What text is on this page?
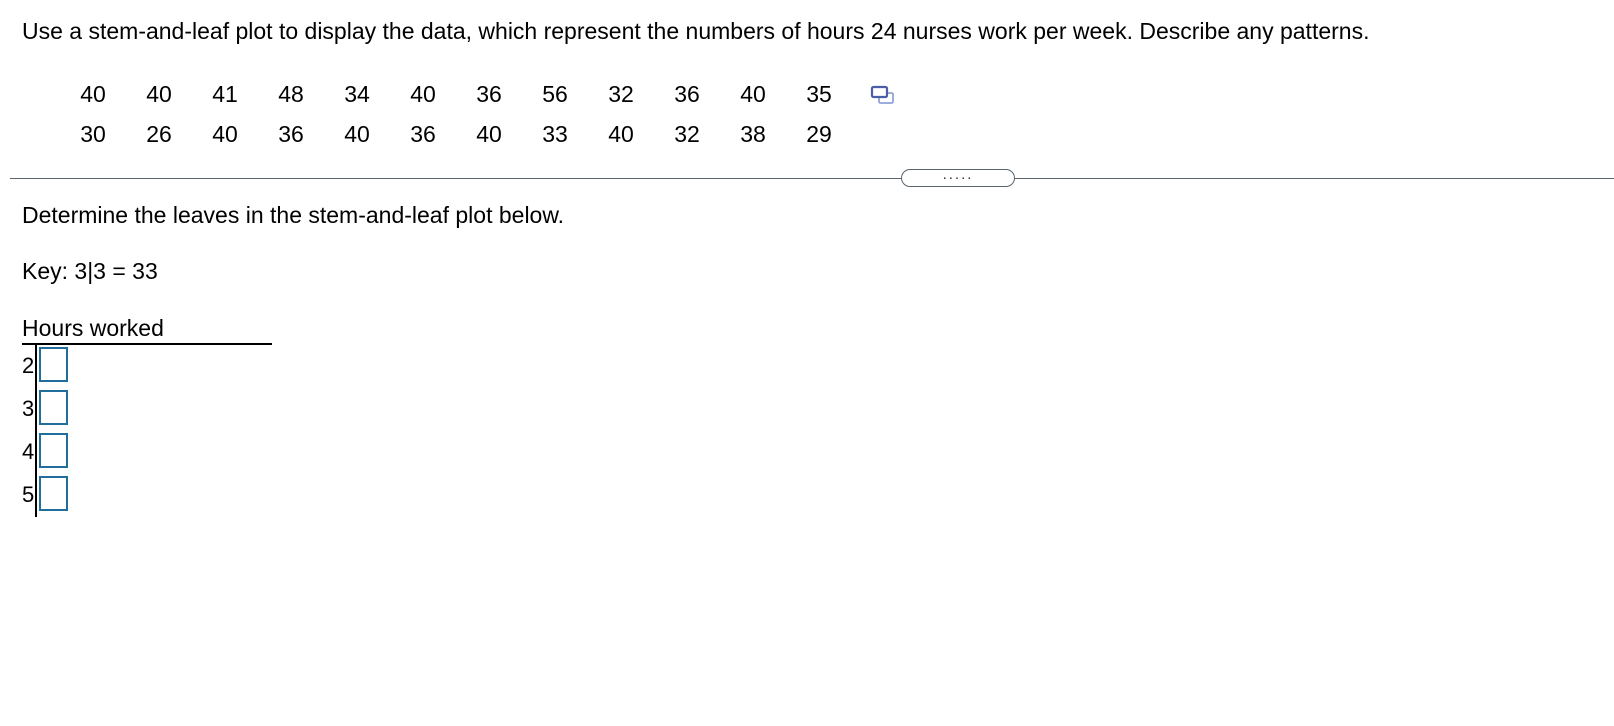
Use a stem-and-leaf plot to display the data, which represent the numbers of hours 24 nurses work per week. Describe any patterns.
40	40	41	48	34	40	36	56	32	36	40	35
30	26	40	36	40	36	40	33	40	32	38	29
.....
Determine the leaves in the stem-and-leaf plot below.
Key: 3|3 = 33
Hours worked
2
3
4
5
